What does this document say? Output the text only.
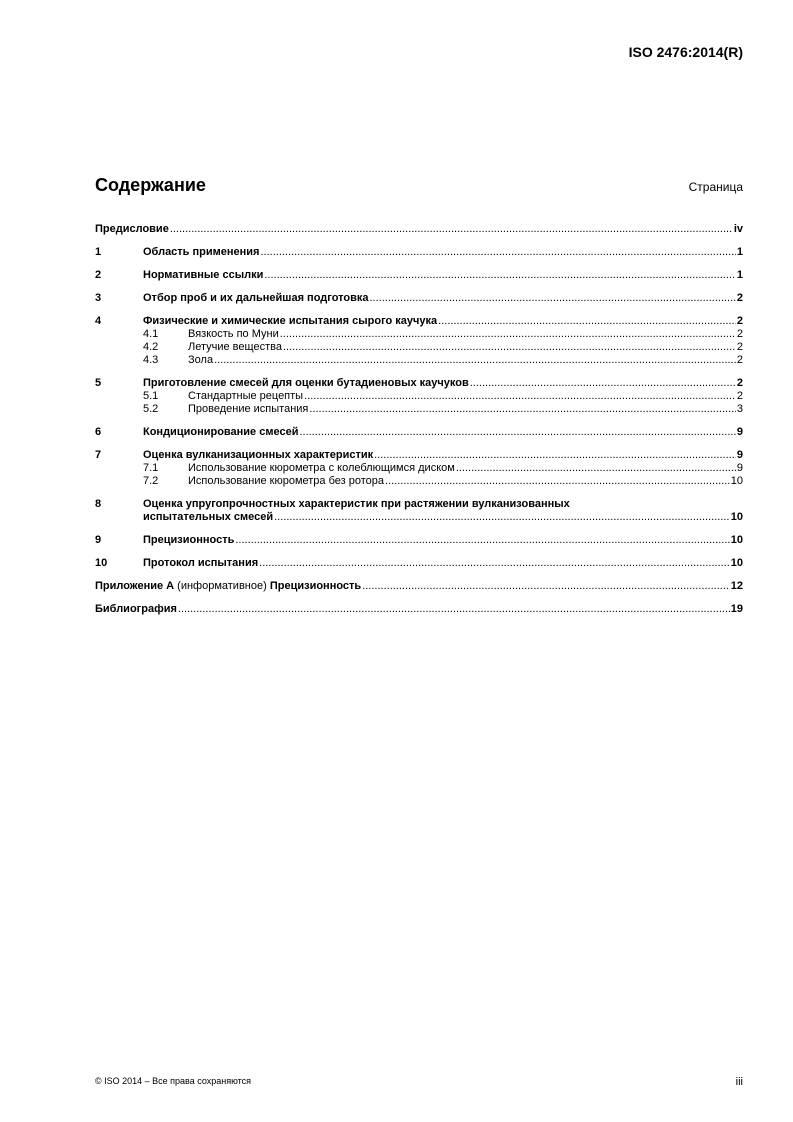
ISO 2476:2014(R)
Содержание	Страница
Предисловие .....	iv
1	Область применения .....	1
2	Нормативные ссылки .....	1
3	Отбор проб и их дальнейшая подготовка .....	2
4	Физические и химические испытания сырого каучука .....	2
4.1	Вязкость по Муни .....	2
4.2	Летучие вещества .....	2
4.3	Зола .....	2
5	Приготовление смесей для оценки бутадиеновых каучуков .....	2
5.1	Стандартные рецепты .....	2
5.2	Проведение испытания .....	3
6	Кондиционирование смесей .....	9
7	Оценка вулканизационных характеристик .....	9
7.1	Использование кюрометра с колеблющимся диском .....	9
7.2	Использование кюрометра без ротора .....	10
8	Оценка упругопрочностных характеристик при растяжении вулканизованных
испытательных смесей .....	10
9	Прецизионность .....	10
10	Протокол испытания .....	10
Приложение А (информативное) Прецизионность .....	12
Библиография .....	19
© ISO 2014 – Все права сохраняются	iii
